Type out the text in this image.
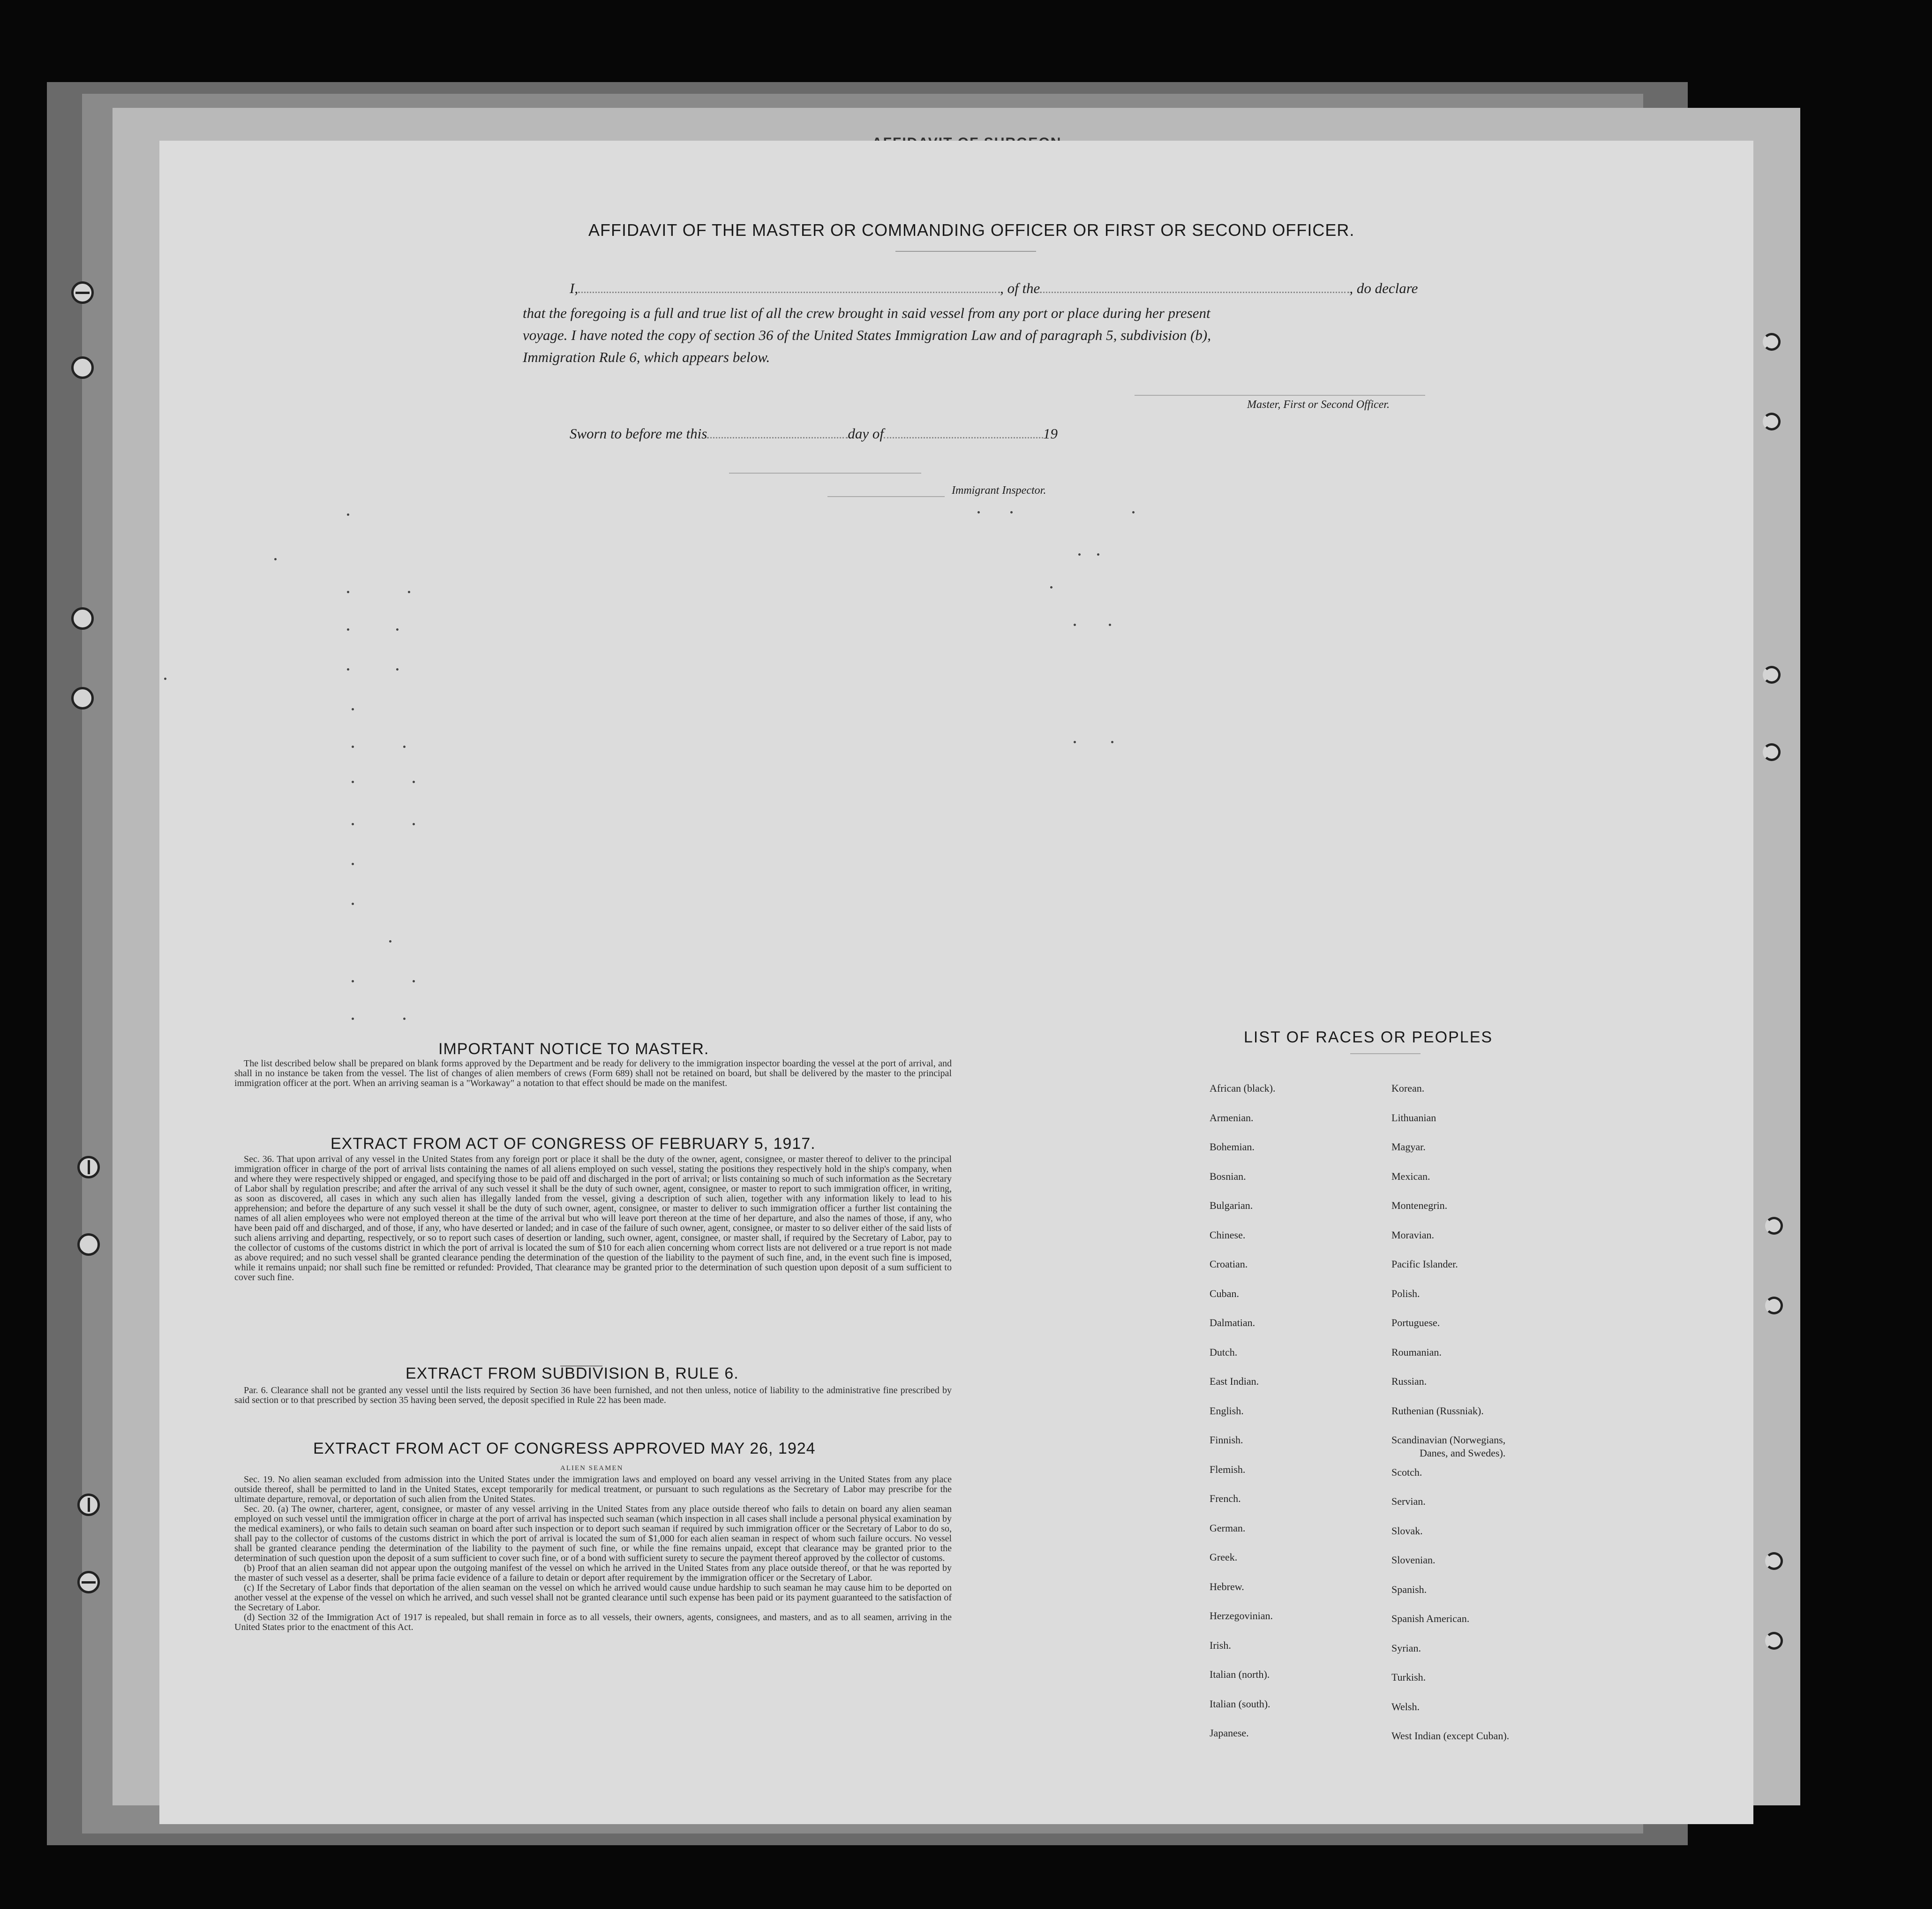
AFFIDAVIT OF THE MASTER OR COMMANDING OFFICER OR FIRST OR SECOND OFFICER.
I,	, of the	, do declare
that the foregoing is a full and true list of all the crew brought in said vessel from any port or place during her present
voyage. I have noted the copy of section 36 of the United States Immigration Law and of paragraph 5, subdivision (b),
Immigration Rule 6, which appears below.
Master, First or Second Officer.
Sworn to before me this	day of	19
Immigrant Inspector.
IMPORTANT NOTICE TO MASTER.
The list described below shall be prepared on blank forms approved by the Department and be ready for delivery to the immigration inspector boarding the vessel at the port of arrival, and shall in no instance be taken from the vessel. The list of changes of alien members of crews (Form 689) shall not be retained on board, but shall be delivered by the master to the principal immigration officer at the port. When an arriving seaman is a "Workaway" a notation to that effect should be made on the manifest.
EXTRACT FROM ACT OF CONGRESS OF FEBRUARY 5, 1917.
Sec. 36. That upon arrival of any vessel in the United States from any foreign port or place it shall be the duty of the owner, agent, consignee, or master thereof to deliver to the principal immigration officer in charge of the port of arrival lists containing the names of all aliens employed on such vessel, stating the positions they respectively hold in the ship's company, when and where they were respectively shipped or engaged, and specifying those to be paid off and discharged in the port of arrival; or lists containing so much of such information as the Secretary of Labor shall by regulation prescribe; and after the arrival of any such vessel it shall be the duty of such owner, agent, consignee, or master to report to such immigration officer, in writing, as soon as discovered, all cases in which any such alien has illegally landed from the vessel, giving a description of such alien, together with any information likely to lead to his apprehension; and before the departure of any such vessel it shall be the duty of such owner, agent, consignee, or master to deliver to such immigration officer a further list containing the names of all alien employees who were not employed thereon at the time of the arrival but who will leave port thereon at the time of her departure, and also the names of those, if any, who have been paid off and discharged, and of those, if any, who have deserted or landed; and in case of the failure of such owner, agent, consignee, or master to so deliver either of the said lists of such aliens arriving and departing, respectively, or so to report such cases of desertion or landing, such owner, agent, consignee, or master shall, if required by the Secretary of Labor, pay to the collector of customs of the customs district in which the port of arrival is located the sum of $10 for each alien concerning whom correct lists are not delivered or a true report is not made as above required; and no such vessel shall be granted clearance pending the determination of the question of the liability to the payment of such fine, and, in the event such fine is imposed, while it remains unpaid; nor shall such fine be remitted or refunded: Provided, That clearance may be granted prior to the determination of such question upon deposit of a sum sufficient to cover such fine.
EXTRACT FROM SUBDIVISION B, RULE 6.
Par. 6. Clearance shall not be granted any vessel until the lists required by Section 36 have been furnished, and not then unless, notice of liability to the administrative fine prescribed by said section or to that prescribed by section 35 having been served, the deposit specified in Rule 22 has been made.
EXTRACT FROM ACT OF CONGRESS APPROVED MAY 26, 1924
ALIEN SEAMEN

Sec. 19. No alien seaman excluded from admission into the United States under the immigration laws and employed on board any vessel arriving in the United States from any place outside thereof, shall be permitted to land in the United States, except temporarily for medical treatment, or pursuant to such regulations as the Secretary of Labor may prescribe for the ultimate departure, removal, or deportation of such alien from the United States.

Sec. 20. (a) The owner, charterer, agent, consignee, or master of any vessel arriving in the United States from any place outside thereof who fails to detain on board any alien seaman employed on such vessel until the immigration officer in charge at the port of arrival has inspected such seaman (which inspection in all cases shall include a personal physical examination by the medical examiners), or who fails to detain such seaman on board after such inspection or to deport such seaman if required by such immigration officer or the Secretary of Labor to do so, shall pay to the collector of customs of the customs district in which the port of arrival is located the sum of $1,000 for each alien seaman in respect of whom such failure occurs. No vessel shall be granted clearance pending the determination of the liability to the payment of such fine, or while the fine remains unpaid, except that clearance may be granted prior to the determination of such question upon the deposit of a sum sufficient to cover such fine, or of a bond with sufficient surety to secure the payment thereof approved by the collector of customs.

(b) Proof that an alien seaman did not appear upon the outgoing manifest of the vessel on which he arrived in the United States from any place outside thereof, or that he was reported by the master of such vessel as a deserter, shall be prima facie evidence of a failure to detain or deport after requirement by the immigration officer or the Secretary of Labor.

(c) If the Secretary of Labor finds that deportation of the alien seaman on the vessel on which he arrived would cause undue hardship to such seaman he may cause him to be deported on another vessel at the expense of the vessel on which he arrived, and such vessel shall not be granted clearance until such expense has been paid or its payment guaranteed to the satisfaction of the Secretary of Labor.

(d) Section 32 of the Immigration Act of 1917 is repealed, but shall remain in force as to all vessels, their owners, agents, consignees, and masters, and as to all seamen, arriving in the United States prior to the enactment of this Act.

LIST OF RACES OR PEOPLES
African (black).
Armenian.
Bohemian.
Bosnian.
Bulgarian.
Chinese.
Croatian.
Cuban.
Dalmatian.
Dutch.
East Indian.
English.
Finnish.
Flemish.
French.
German.
Greek.
Hebrew.
Herzegovinian.
Irish.
Italian (north).
Italian (south).
Japanese.
Korean.
Lithuanian
Magyar.
Mexican.
Montenegrin.
Moravian.
Pacific Islander.
Polish.
Portuguese.
Roumanian.
Russian.
Ruthenian (Russniak).
Scandinavian (Norwegians,
Danes, and Swedes).
Scotch.
Servian.
Slovak.
Slovenian.
Spanish.
Spanish American.
Syrian.
Turkish.
Welsh.
West Indian (except Cuban).
